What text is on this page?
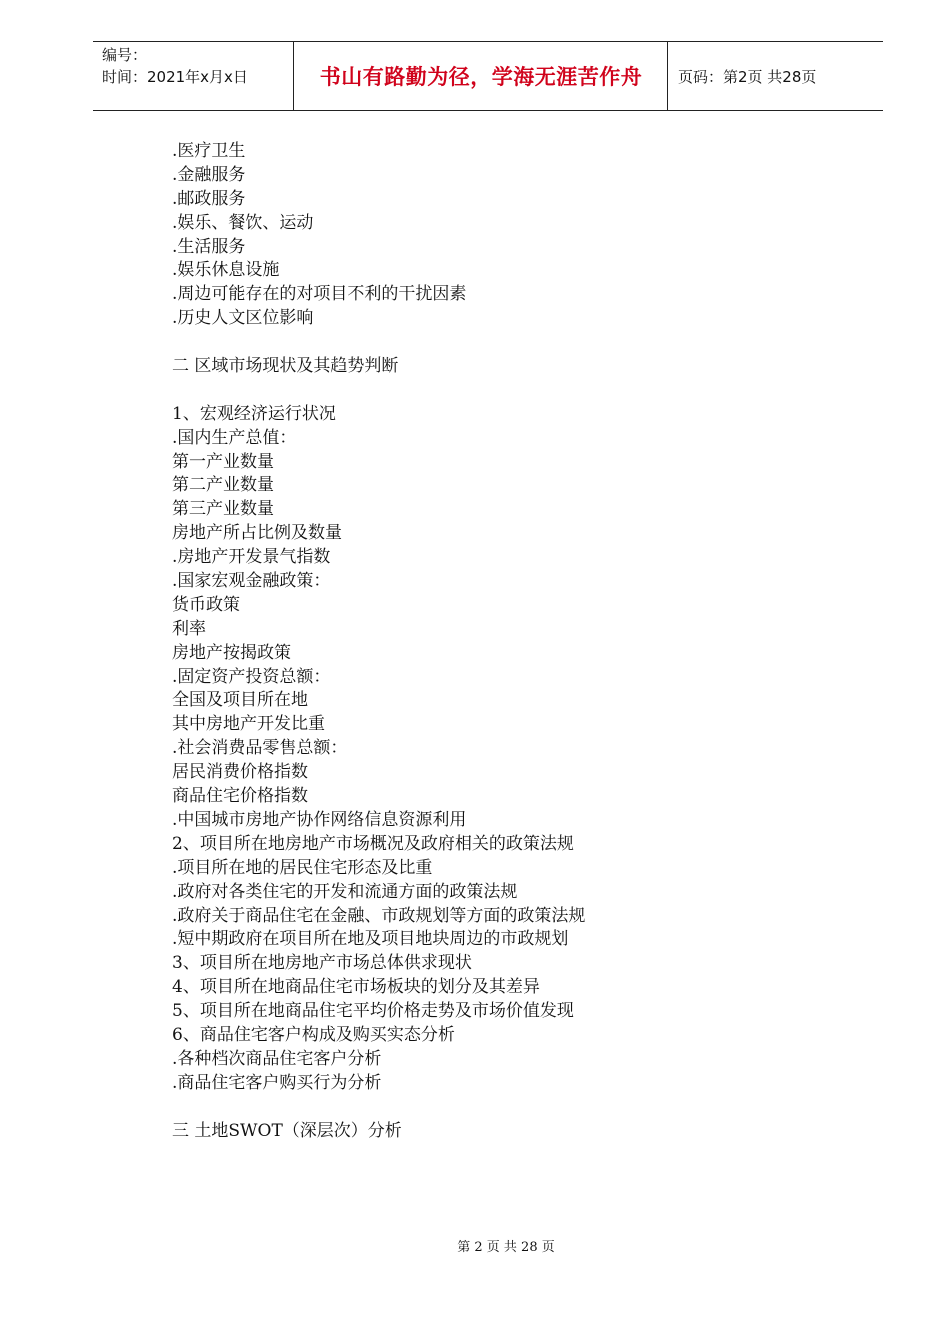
编号：
时间：2021年x月x日	书山有路勤为径，学海无涯苦作舟 页码：第2页 共28页
.医疗卫生
.金融服务
.邮政服务
.娱乐、餐饮、运动
.生活服务
.娱乐休息设施
.周边可能存在的对项目不利的干扰因素
.历史人文区位影响
二 区域市场现状及其趋势判断
1、宏观经济运行状况
.国内生产总值：
第一产业数量
第二产业数量
第三产业数量
房地产所占比例及数量
.房地产开发景气指数
.国家宏观金融政策：
货币政策
利率
房地产按揭政策
.固定资产投资总额：
全国及项目所在地
其中房地产开发比重
.社会消费品零售总额：
居民消费价格指数
商品住宅价格指数
.中国城市房地产协作网络信息资源利用
2、项目所在地房地产市场概况及政府相关的政策法规
.项目所在地的居民住宅形态及比重
.政府对各类住宅的开发和流通方面的政策法规
.政府关于商品住宅在金融、市政规划等方面的政策法规
.短中期政府在项目所在地及项目地块周边的市政规划
3、项目所在地房地产市场总体供求现状
4、项目所在地商品住宅市场板块的划分及其差异
5、项目所在地商品住宅平均价格走势及市场价值发现
6、商品住宅客户构成及购买实态分析
.各种档次商品住宅客户分析
.商品住宅客户购买行为分析
三 土地SWOT（深层次）分析
第 2 页 共 28 页
